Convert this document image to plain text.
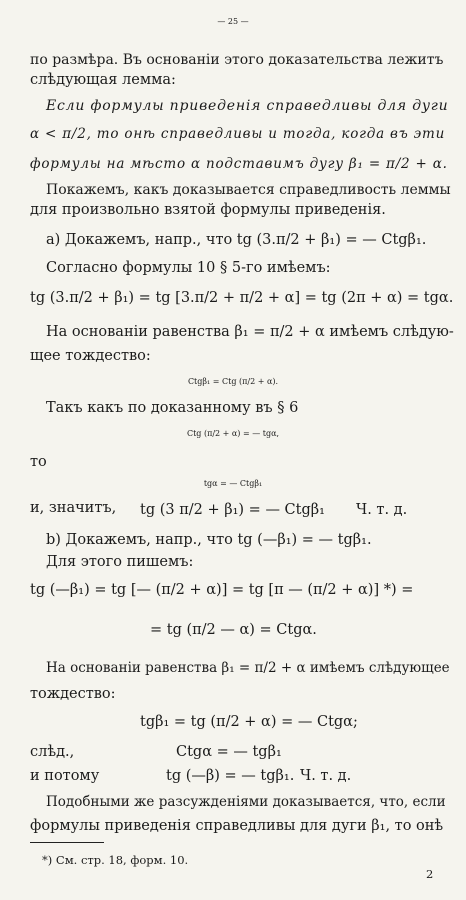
— 25 —
по размѣра. Въ основаніи этого доказательства лежитъ
слѣдующая лемма:
Если формулы приведенія справедливы для дуги
α < π/2, то онѣ справедливы и тогда, когда въ эти
формулы на мѣсто α подставимъ дугу β₁ = π/2 + α.
Покажемъ, какъ доказывается справедливость леммы
для произвольно взятой формулы приведенія.
a) Докажемъ, напр., что tg (3.π/2 + β₁) = — Ctgβ₁.
Согласно формулы 10 § 5-го имѣемъ:
tg (3.π/2 + β₁) = tg [3.π/2 + π/2 + α] = tg (2π + α) = tgα.
На основаніи равенства β₁ = π/2 + α имѣемъ слѣдую-
щее тождество:
Ctgβ₁ = Ctg (π/2 + α).
Такъ какъ по доказанному въ § 6
Ctg (π/2 + α) = — tgα,
то
tgα = — Ctgβ₁
и, значитъ, tg (3 π/2 + β₁) = — Ctgβ₁ Ч. т. д.
b) Докажемъ, напр., что tg (—β₁) = — tgβ₁.
Для этого пишемъ:
tg (—β₁) = tg [— (π/2 + α)] = tg [π — (π/2 + α)] *) =
= tg (π/2 — α) = Ctgα.
На основаніи равенства β₁ = π/2 + α имѣемъ слѣдующее
тождество:
tgβ₁ = tg (π/2 + α) = — Ctgα;
слѣд.,	Ctgα = — tgβ₁
и потому	tg (—β) = — tgβ₁. Ч. т. д.
Подобными же разсужденіями доказывается, что, если
формулы приведенія справедливы для дуги β₁, то онѣ
*) См. стр. 18, форм. 10.
2
